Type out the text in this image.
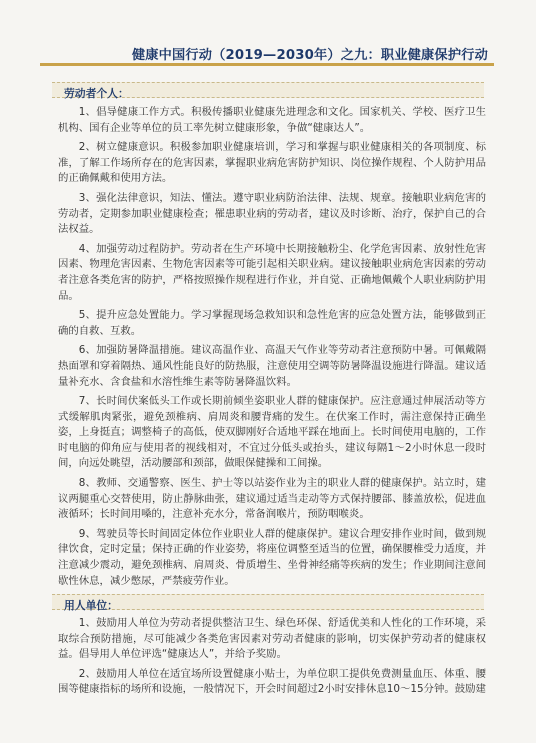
健康中国行动（2019—2030年）之九：职业健康保护行动
劳动者个人：

1、倡导健康工作方式。积极传播职业健康先进理念和文化。国家机关、学校、医疗卫生机构、国有企业等单位的员工率先树立健康形象，争做“健康达人”。

2、树立健康意识。积极参加职业健康培训，学习和掌握与职业健康相关的各项制度、标准，了解工作场所存在的危害因素，掌握职业病危害防护知识、岗位操作规程、个人防护用品的正确佩戴和使用方法。

3、强化法律意识，知法、懂法。遵守职业病防治法律、法规、规章。接触职业病危害的劳动者，定期参加职业健康检查；罹患职业病的劳动者，建议及时诊断、治疗，保护自己的合法权益。

4、加强劳动过程防护。劳动者在生产环境中长期接触粉尘、化学危害因素、放射性危害因素、物理危害因素、生物危害因素等可能引起相关职业病。建议接触职业病危害因素的劳动者注意各类危害的防护，严格按照操作规程进行作业，并自觉、正确地佩戴个人职业病防护用品。

5、提升应急处置能力。学习掌握现场急救知识和急性危害的应急处置方法，能够做到正确的自救、互救。

6、加强防暑降温措施。建议高温作业、高温天气作业等劳动者注意预防中暑。可佩戴隔热面罩和穿着隔热、通风性能良好的防热服，注意使用空调等防暑降温设施进行降温。建议适量补充水、含食盐和水溶性维生素等防暑降温饮料。

7、长时间伏案低头工作或长期前倾坐姿职业人群的健康保护。应注意通过伸展活动等方式缓解肌肉紧张，避免颈椎病、肩周炎和腰背痛的发生。在伏案工作时，需注意保持正确坐姿，上身挺直；调整椅子的高低，使双脚刚好合适地平踩在地面上。长时间使用电脑的，工作时电脑的仰角应与使用者的视线相对，不宜过分低头或抬头，建议每隔1～2小时休息一段时间，向远处眺望，活动腰部和颈部，做眼保健操和工间操。

8、教师、交通警察、医生、护士等以站姿作业为主的职业人群的健康保护。站立时，建议两腿重心交替使用，防止静脉曲张，建议通过适当走动等方式保持腰部、膝盖放松，促进血液循环；长时间用嗓的，注意补充水分，常备润喉片，预防咽喉炎。

9、驾驶员等长时间固定体位作业职业人群的健康保护。建议合理安排作业时间，做到规律饮食，定时定量；保持正确的作业姿势，将座位调整至适当的位置，确保腰椎受力适度，并注意减少震动，避免颈椎病、肩周炎、骨质增生、坐骨神经痛等疾病的发生；作业期间注意间歇性休息，减少憋尿，严禁疲劳作业。

用人单位：

1、鼓励用人单位为劳动者提供整洁卫生、绿色环保、舒适优美和人性化的工作环境，采取综合预防措施，尽可能减少各类危害因素对劳动者健康的影响，切实保护劳动者的健康权益。倡导用人单位评选“健康达人”，并给予奖励。

2、鼓励用人单位在适宜场所设置健康小贴士，为单位职工提供免费测量血压、体重、腰围等健康指标的场所和设施，一般情况下，开会时间超过2小时安排休息10～15分钟。鼓励建
